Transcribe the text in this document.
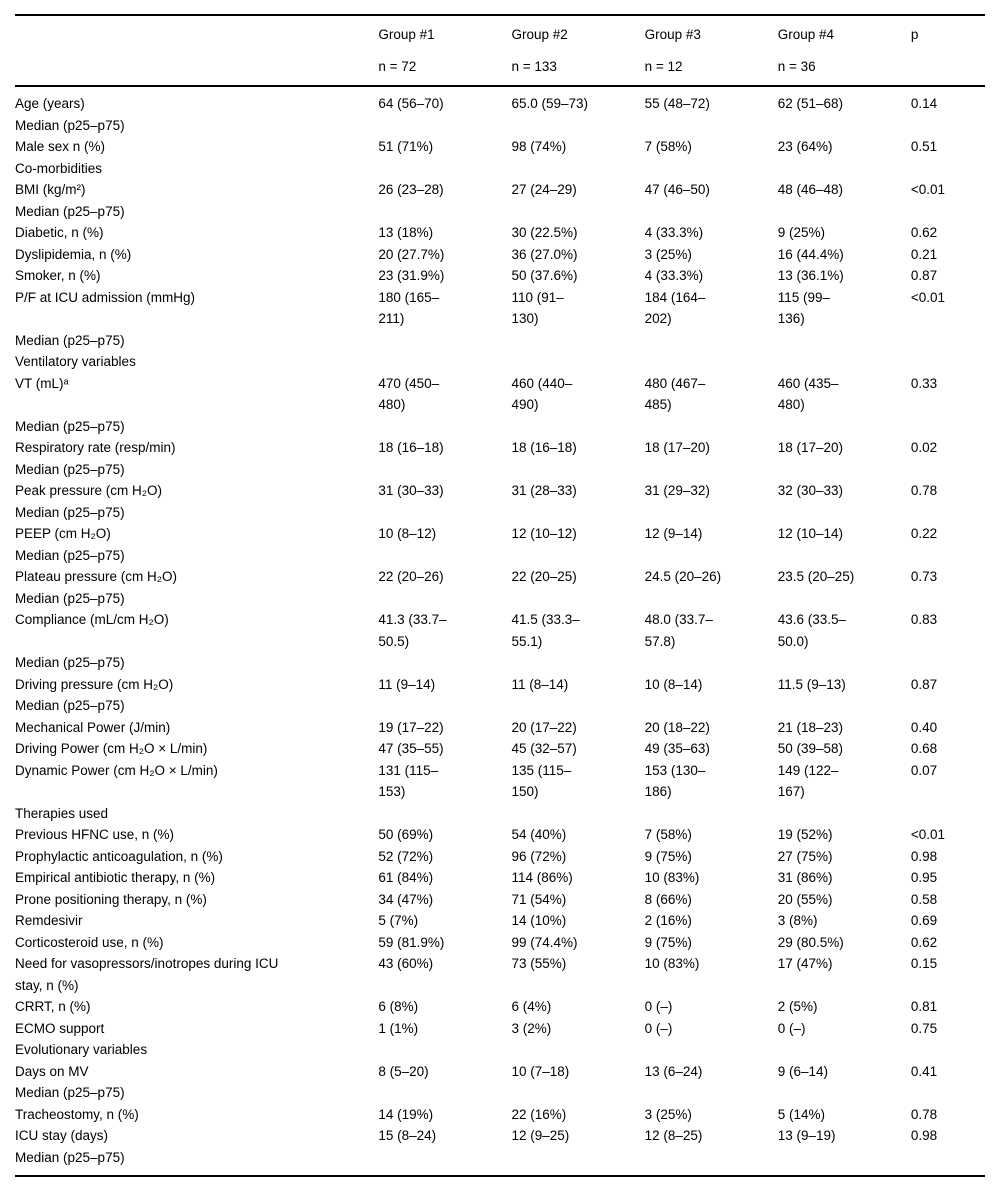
	Group #1	Group #2	Group #3	Group #4	p
	n = 72	n = 133	n = 12	n = 36	
Age (years)	64 (56–70)	65.0 (59–73)	55 (48–72)	62 (51–68)	0.14
Median (p25–p75)					
Male sex n (%)	51 (71%)	98 (74%)	7 (58%)	23 (64%)	0.51
Co-morbidities					
BMI (kg/m²)	26 (23–28)	27 (24–29)	47 (46–50)	48 (46–48)	<0.01
Median (p25–p75)					
Diabetic, n (%)	13 (18%)	30 (22.5%)	4 (33.3%)	9 (25%)	0.62
Dyslipidemia, n (%)	20 (27.7%)	36 (27.0%)	3 (25%)	16 (44.4%)	0.21
Smoker, n (%)	23 (31.9%)	50 (37.6%)	4 (33.3%)	13 (36.1%)	0.87
P/F at ICU admission (mmHg)	180 (165–211)	110 (91–130)	184 (164–202)	115 (99–136)	<0.01
Median (p25–p75)					
Ventilatory variables					
VT (mL)ᵃ	470 (450–480)	460 (440–490)	480 (467–485)	460 (435–480)	0.33
Median (p25–p75)					
Respiratory rate (resp/min)	18 (16–18)	18 (16–18)	18 (17–20)	18 (17–20)	0.02
Median (p25–p75)					
Peak pressure (cm H₂O)	31 (30–33)	31 (28–33)	31 (29–32)	32 (30–33)	0.78
Median (p25–p75)					
PEEP (cm H₂O)	10 (8–12)	12 (10–12)	12 (9–14)	12 (10–14)	0.22
Median (p25–p75)					
Plateau pressure (cm H₂O)	22 (20–26)	22 (20–25)	24.5 (20–26)	23.5 (20–25)	0.73
Median (p25–p75)					
Compliance (mL/cm H₂O)	41.3 (33.7–50.5)	41.5 (33.3–55.1)	48.0 (33.7–57.8)	43.6 (33.5–50.0)	0.83
Median (p25–p75)					
Driving pressure (cm H₂O)	11 (9–14)	11 (8–14)	10 (8–14)	11.5 (9–13)	0.87
Median (p25–p75)					
Mechanical Power (J/min)	19 (17–22)	20 (17–22)	20 (18–22)	21 (18–23)	0.40
Driving Power (cm H₂O × L/min)	47 (35–55)	45 (32–57)	49 (35–63)	50 (39–58)	0.68
Dynamic Power (cm H₂O × L/min)	131 (115–153)	135 (115–150)	153 (130–186)	149 (122–167)	0.07
Therapies used					
Previous HFNC use, n (%)	50 (69%)	54 (40%)	7 (58%)	19 (52%)	<0.01
Prophylactic anticoagulation, n (%)	52 (72%)	96 (72%)	9 (75%)	27 (75%)	0.98
Empirical antibiotic therapy, n (%)	61 (84%)	114 (86%)	10 (83%)	31 (86%)	0.95
Prone positioning therapy, n (%)	34 (47%)	71 (54%)	8 (66%)	20 (55%)	0.58
Remdesivir	5 (7%)	14 (10%)	2 (16%)	3 (8%)	0.69
Corticosteroid use, n (%)	59 (81.9%)	99 (74.4%)	9 (75%)	29 (80.5%)	0.62
Need for vasopressors/inotropes during ICU stay, n (%)	43 (60%)	73 (55%)	10 (83%)	17 (47%)	0.15
CRRT, n (%)	6 (8%)	6 (4%)	0 (–)	2 (5%)	0.81
ECMO support	1 (1%)	3 (2%)	0 (–)	0 (–)	0.75
Evolutionary variables					
Days on MV	8 (5–20)	10 (7–18)	13 (6–24)	9 (6–14)	0.41
Median (p25–p75)					
Tracheostomy, n (%)	14 (19%)	22 (16%)	3 (25%)	5 (14%)	0.78
ICU stay (days)	15 (8–24)	12 (9–25)	12 (8–25)	13 (9–19)	0.98
Median (p25–p75)					
